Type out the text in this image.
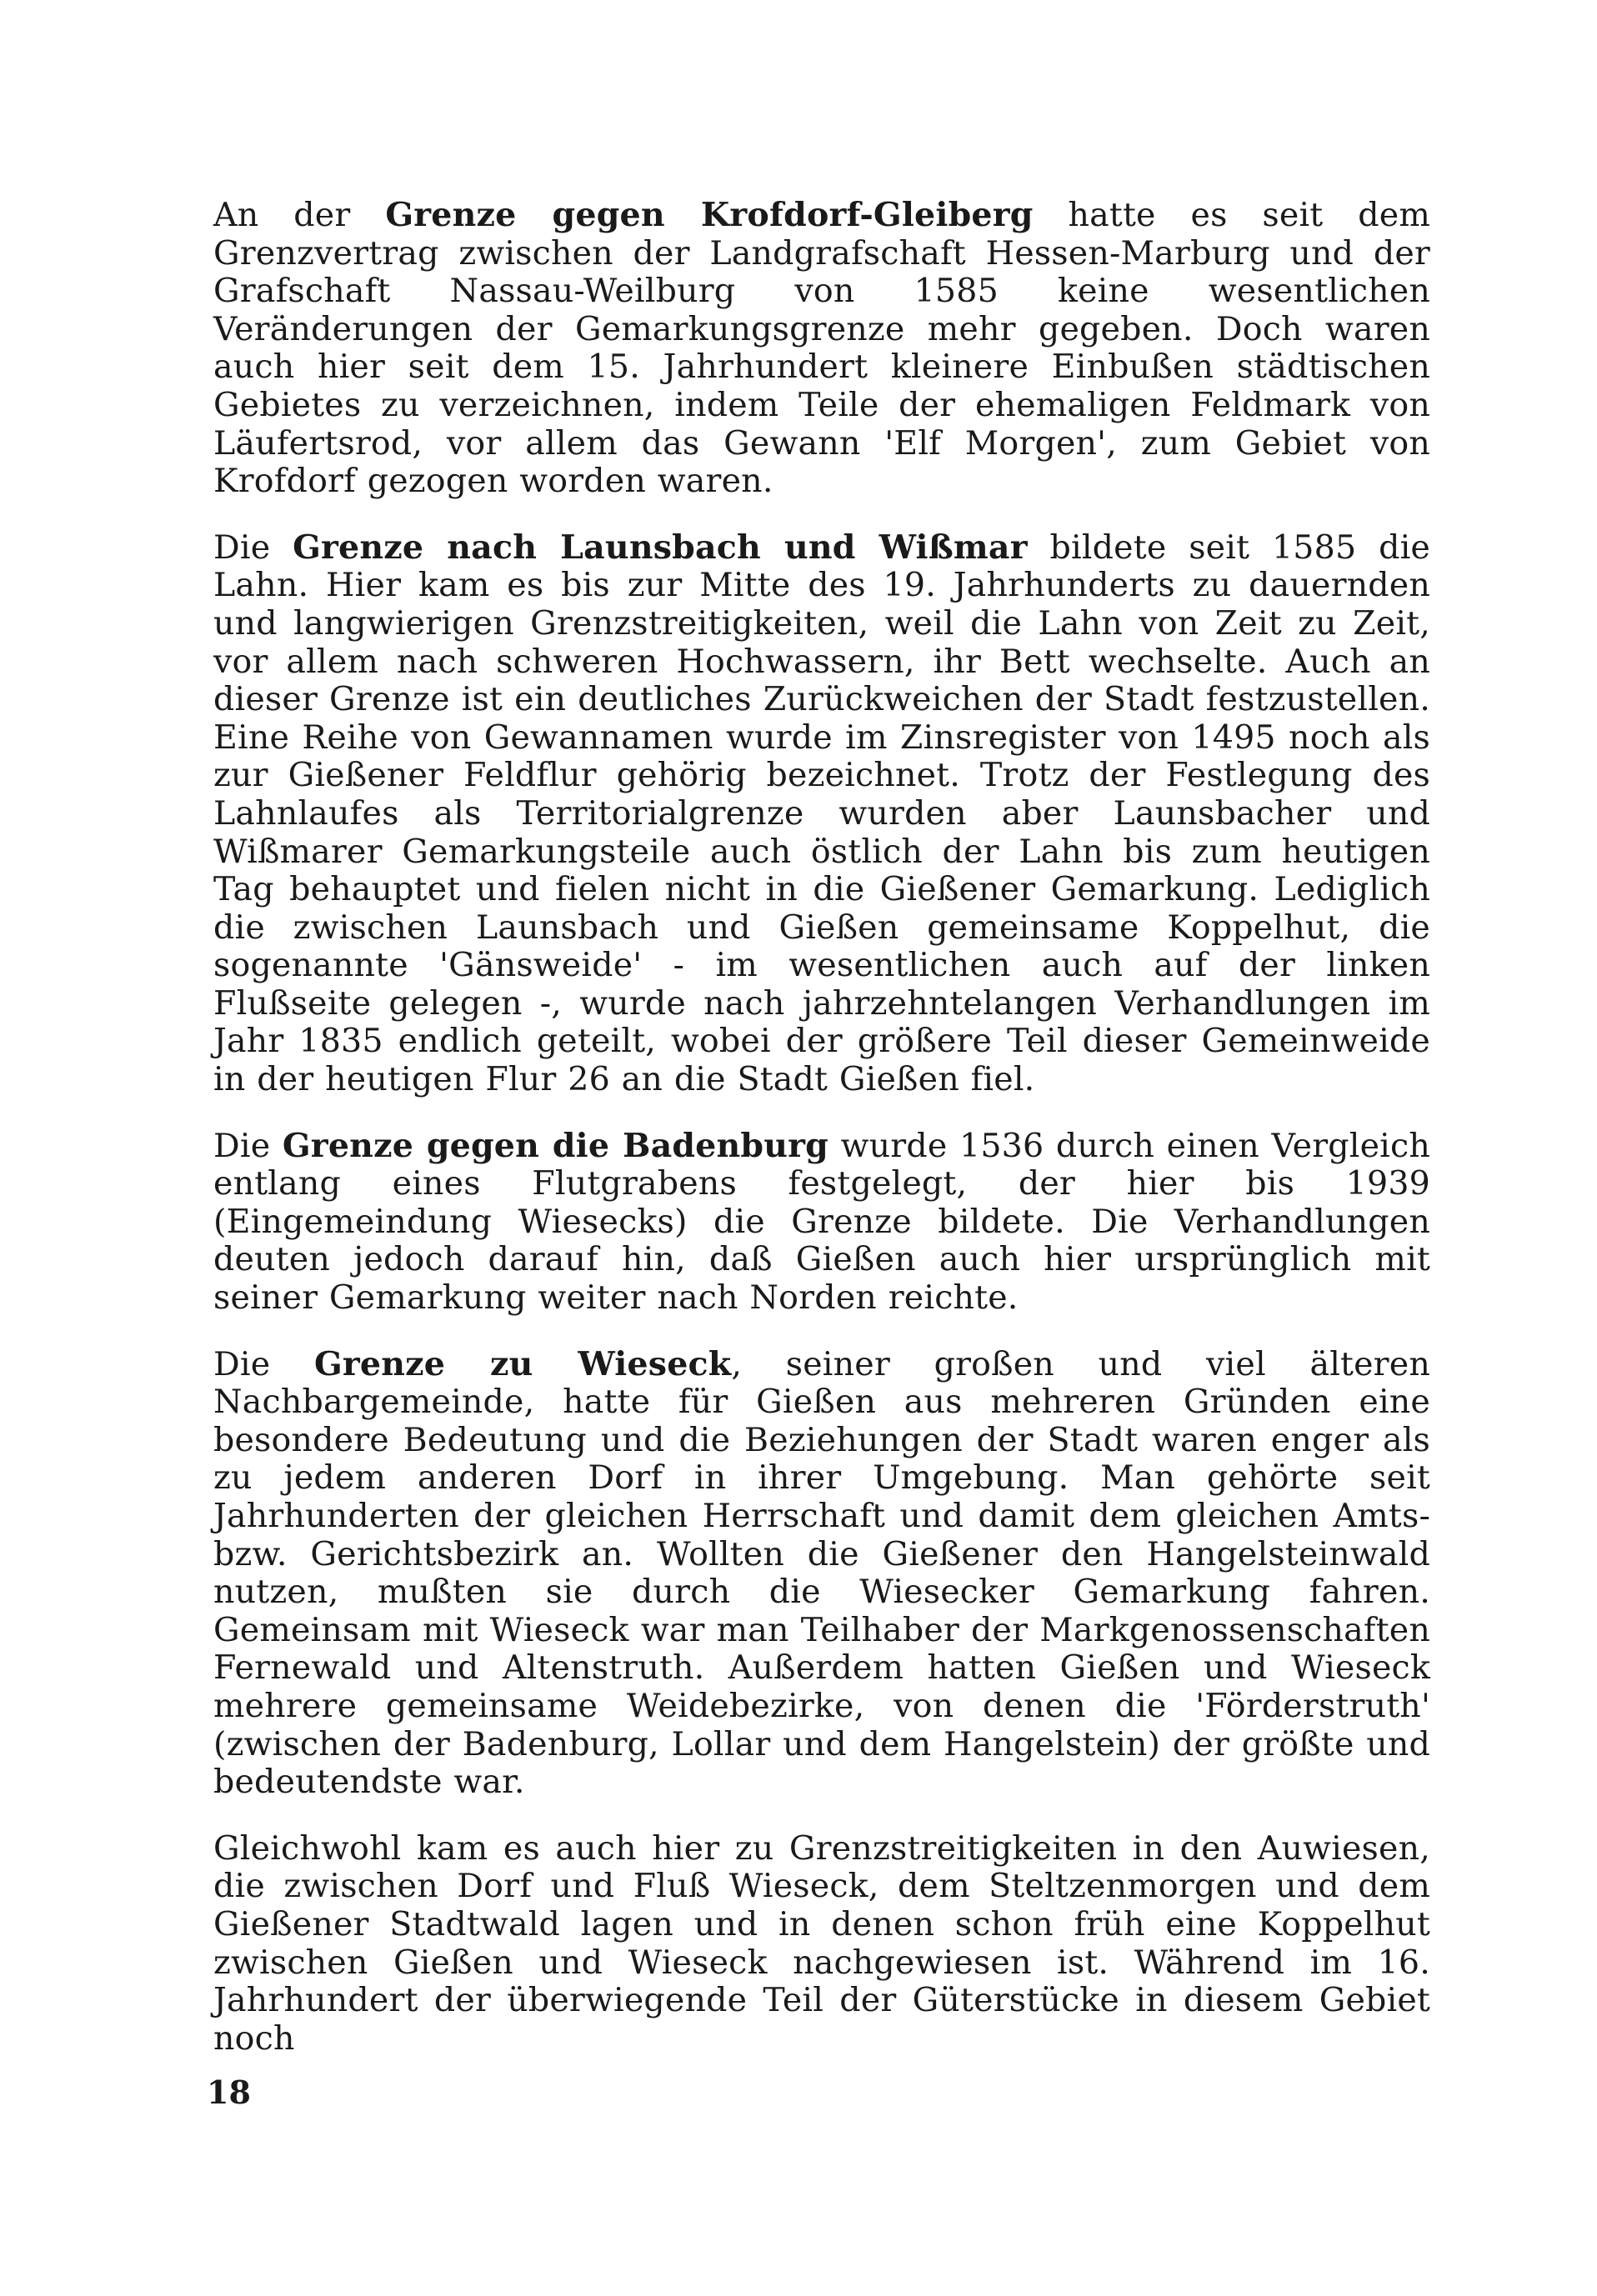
An der Grenze gegen Krofdorf-Gleiberg hatte es seit dem Grenzvertrag zwischen der Landgrafschaft Hessen-Marburg und der Grafschaft Nassau-Weilburg von 1585 keine wesentlichen Veränderungen der Gemarkungsgrenze mehr gegeben. Doch waren auch hier seit dem 15. Jahrhundert kleinere Einbußen städtischen Gebietes zu verzeichnen, indem Teile der ehemaligen Feldmark von Läufertsrod, vor allem das Gewann 'Elf Morgen', zum Gebiet von Krofdorf gezogen worden waren.

Die Grenze nach Launsbach und Wißmar bildete seit 1585 die Lahn. Hier kam es bis zur Mitte des 19. Jahrhunderts zu dauernden und langwierigen Grenzstreitigkeiten, weil die Lahn von Zeit zu Zeit, vor allem nach schweren Hochwassern, ihr Bett wechselte. Auch an dieser Grenze ist ein deutliches Zurückweichen der Stadt festzustellen. Eine Reihe von Gewannamen wurde im Zinsregister von 1495 noch als zur Gießener Feldflur gehörig bezeichnet. Trotz der Festlegung des Lahnlaufes als Territorialgrenze wurden aber Launsbacher und Wißmarer Gemarkungsteile auch östlich der Lahn bis zum heutigen Tag behauptet und fielen nicht in die Gießener Gemarkung. Lediglich die zwischen Launsbach und Gießen gemeinsame Koppelhut, die sogenannte 'Gänsweide' - im wesentlichen auch auf der linken Flußseite gelegen -, wurde nach jahrzehntelangen Verhandlungen im Jahr 1835 endlich geteilt, wobei der größere Teil dieser Gemeinweide in der heutigen Flur 26 an die Stadt Gießen fiel.

Die Grenze gegen die Badenburg wurde 1536 durch einen Vergleich entlang eines Flutgrabens festgelegt, der hier bis 1939 (Eingemeindung Wiesecks) die Grenze bildete. Die Verhandlungen deuten jedoch darauf hin, daß Gießen auch hier ursprünglich mit seiner Gemarkung weiter nach Norden reichte.

Die Grenze zu Wieseck, seiner großen und viel älteren Nachbargemeinde, hatte für Gießen aus mehreren Gründen eine besondere Bedeutung und die Beziehungen der Stadt waren enger als zu jedem anderen Dorf in ihrer Umgebung. Man gehörte seit Jahrhunderten der gleichen Herrschaft und damit dem gleichen Amts- bzw. Gerichtsbezirk an. Wollten die Gießener den Hangelsteinwald nutzen, mußten sie durch die Wiesecker Gemarkung fahren. Gemeinsam mit Wieseck war man Teilhaber der Markgenossenschaften Fernewald und Altenstruth. Außerdem hatten Gießen und Wieseck mehrere gemeinsame Weidebezirke, von denen die 'Förderstruth' (zwischen der Badenburg, Lollar und dem Hangelstein) der größte und bedeutendste war.

Gleichwohl kam es auch hier zu Grenzstreitigkeiten in den Auwiesen, die zwischen Dorf und Fluß Wieseck, dem Steltzenmorgen und dem Gießener Stadtwald lagen und in denen schon früh eine Koppelhut zwischen Gießen und Wieseck nachgewiesen ist. Während im 16. Jahrhundert der überwiegende Teil der Güterstücke in diesem Gebiet noch

18
